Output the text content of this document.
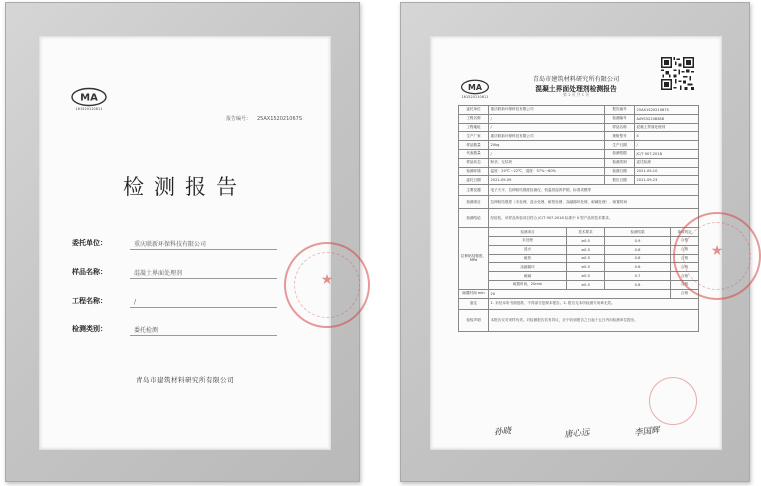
MA
161520110611
报告编号： 25AX152021067S
检测报告
委托单位：	重庆联新环保科技有限公司
样品名称：	混凝土界面处理剂
工程名称：	/
检测类别：	委托检测
青岛市建筑材料研究所有限公司
★
MA
161520110611
青岛市建筑材料研究所有限公司
混凝土界面处理剂检测报告
第 1 页 共 1 页
委托单位	重庆联新环保科技有限公司		报告编号	25AX152021067S	
工程名称	/		检测编号	AAYS52108388	
工程地址	/		样品名称	混凝土界面处理剂	
生产厂家	重庆联新环保科技有限公司		规格型号	II	
样品数量	20kg		生产日期	/	
代表数量	/		检测依据	JC/T 907-2018	
样品状态	粉状、无结块		检测类别	委托检测	
检测环境	温度：20℃～22℃，湿度：57%～60%		检测日期	2021-09-10	
委托日期	2021-09-09		报告日期	2021-09-23	
主要仪器	电子天平、拉伸粘结强度检测仪、恒温恒湿养护箱、标准试模等				
检测项目	拉伸粘结强度（未处理、浸水处理、耐热处理、冻融循环处理、耐碱处理）、晾置时间				
检测结论	经检验，该样品所检项目符合 JC/T 907-2018 标准中 II 型产品的技术要求。				
拉伸粘结强度，MPa	检测项目	技术要求	检测结果		单项判定
	未处理	≥0.5	0.9		合格
	浸水	≥0.5	0.6		合格
	耐热	≥0.5	0.8		合格
	冻融循环	≥0.5	0.6		合格
	耐碱	≥0.5	0.7		合格
	晾置时间，20min	≥0.5	0.8		合格
晾置时间 min	20				合格
备注	1. 未经本所书面批准，不得部分复制本报告。2. 报告无本所检测专用章无效。				
检验声明	本报告仅对来样负责。对检测报告若有异议，应于收到报告之日起十五日内向检测单位提出。				
孙晓	唐心远	李国辉
★
